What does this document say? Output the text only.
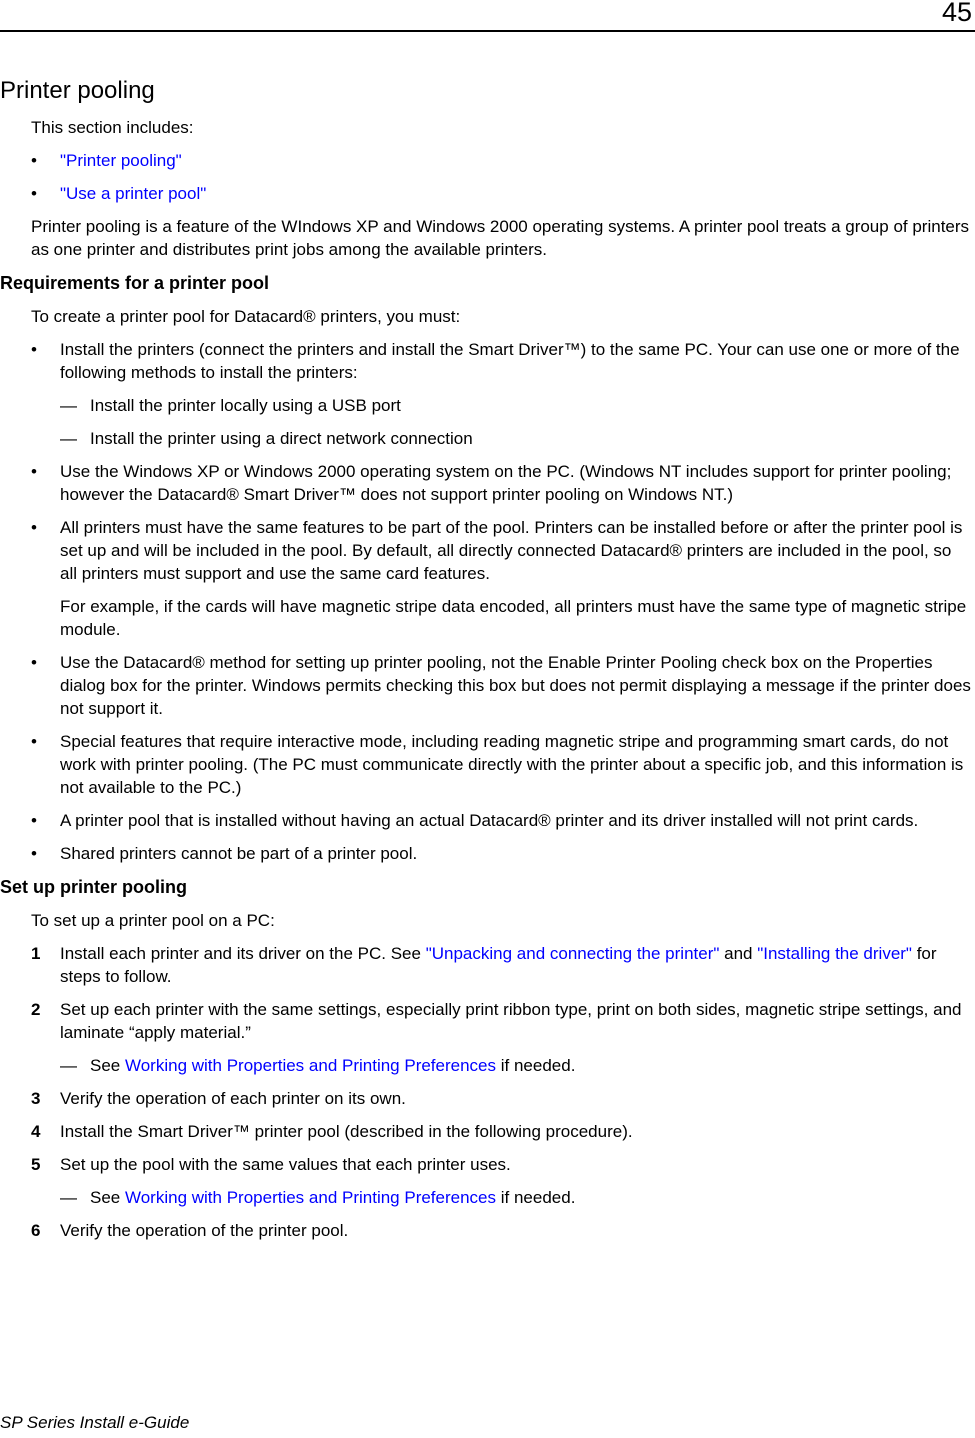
45
Printer pooling
This section includes:
• "Printer pooling"
• "Use a printer pool"
Printer pooling is a feature of the WIndows XP and Windows 2000 operating systems. A printer pool treats a group of printers as one printer and distributes print jobs among the available printers.
Requirements for a printer pool
To create a printer pool for Datacard® printers, you must:
• Install the printers (connect the printers and install the Smart Driver™) to the same PC. Your can use one or more of the following methods to install the printers:
— Install the printer locally using a USB port
— Install the printer using a direct network connection
• Use the Windows XP or Windows 2000 operating system on the PC. (Windows NT includes support for printer pooling; however the Datacard® Smart Driver™ does not support printer pooling on Windows NT.)
• All printers must have the same features to be part of the pool. Printers can be installed before or after the printer pool is set up and will be included in the pool. By default, all directly connected Datacard® printers are included in the pool, so all printers must support and use the same card features.
For example, if the cards will have magnetic stripe data encoded, all printers must have the same type of magnetic stripe module.
• Use the Datacard® method for setting up printer pooling, not the Enable Printer Pooling check box on the Properties dialog box for the printer. Windows permits checking this box but does not permit displaying a message if the printer does not support it.
• Special features that require interactive mode, including reading magnetic stripe and programming smart cards, do not work with printer pooling. (The PC must communicate directly with the printer about a specific job, and this information is not available to the PC.)
• A printer pool that is installed without having an actual Datacard® printer and its driver installed will not print cards.
• Shared printers cannot be part of a printer pool.
Set up printer pooling
To set up a printer pool on a PC:
1 Install each printer and its driver on the PC. See "Unpacking and connecting the printer" and "Installing the driver" for steps to follow.
2 Set up each printer with the same settings, especially print ribbon type, print on both sides, magnetic stripe settings, and laminate “apply material.”
— See Working with Properties and Printing Preferences if needed.
3 Verify the operation of each printer on its own.
4 Install the Smart Driver™ printer pool (described in the following procedure).
5 Set up the pool with the same values that each printer uses.
— See Working with Properties and Printing Preferences if needed.
6 Verify the operation of the printer pool.
SP Series Install e-Guide
